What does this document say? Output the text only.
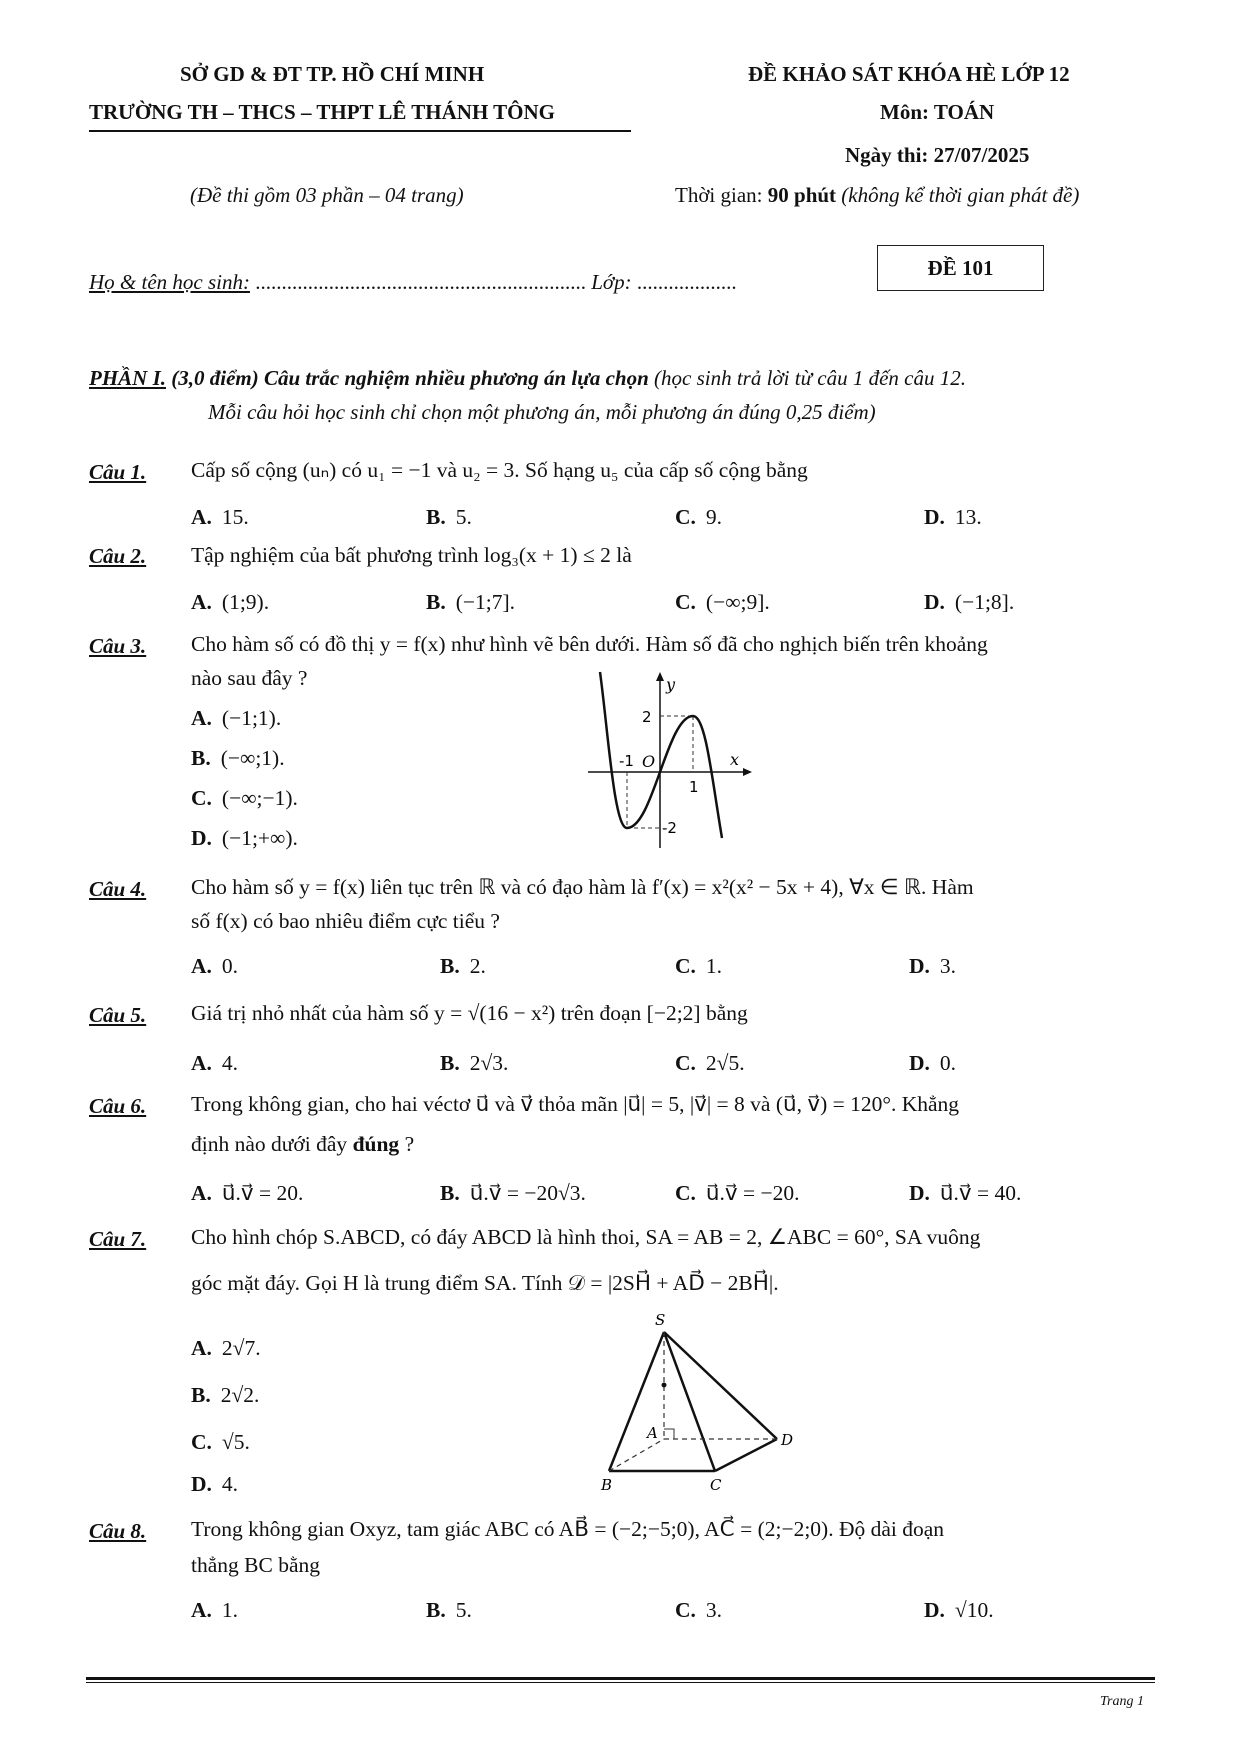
SỞ GD & ĐT TP. HỒ CHÍ MINH
TRƯỜNG TH – THCS – THPT LÊ THÁNH TÔNG
ĐỀ KHẢO SÁT KHÓA HÈ LỚP 12
Môn: TOÁN
Ngày thi: 27/07/2025
(Đề thi gồm 03 phần – 04 trang)	Thời gian: 90 phút (không kể thời gian phát đề)
Họ & tên học sinh: ............................................................... Lớp: ...................
ĐỀ 101
PHẦN I. (3,0 điểm) Câu trắc nghiệm nhiều phương án lựa chọn (học sinh trả lời từ câu 1 đến câu 12.
Mỗi câu hỏi học sinh chỉ chọn một phương án, mỗi phương án đúng 0,25 điểm)
Câu 1. Cấp số cộng (uₙ) có u₁ = −1 và u₂ = 3. Số hạng u₅ của cấp số cộng bằng
A. 15.	B. 5.	C. 9.	D. 13.
Câu 2. Tập nghiệm của bất phương trình log₃(x + 1) ≤ 2 là
A. (1;9).	B. (−1;7].	C. (−∞;9].	D. (−1;8].
Câu 3. Cho hàm số có đồ thị y = f(x) như hình vẽ bên dưới. Hàm số đã cho nghịch biến trên khoảng
nào sau đây ?
A. (−1;1).
B. (−∞;1).
C. (−∞;−1).
D. (−1;+∞).
y
x
O
2
-2
-1
1
Câu 4. Cho hàm số y = f(x) liên tục trên ℝ và có đạo hàm là f′(x) = x²(x² − 5x + 4), ∀x ∈ ℝ. Hàm
số f(x) có bao nhiêu điểm cực tiểu ?
A. 0.	B. 2.	C. 1.	D. 3.
Câu 5. Giá trị nhỏ nhất của hàm số y = √(16 − x²) trên đoạn [−2;2] bằng
A. 4.	B. 2√3.	C. 2√5.	D. 0.
Câu 6. Trong không gian, cho hai véctơ u⃗ và v⃗ thỏa mãn |u⃗| = 5, |v⃗| = 8 và (u⃗, v⃗) = 120°. Khẳng
định nào dưới đây đúng ?
A. u⃗.v⃗ = 20.	B. u⃗.v⃗ = −20√3.	C. u⃗.v⃗ = −20.	D. u⃗.v⃗ = 40.
Câu 7. Cho hình chóp S.ABCD, có đáy ABCD là hình thoi, SA = AB = 2, ∠ABC = 60°, SA vuông
góc mặt đáy. Gọi H là trung điểm SA. Tính 𝒟 = |2SH⃗ + AD⃗ − 2BH⃗|.
A. 2√7.
B. 2√2.
C. √5.
D. 4.
S
A
B	C
D
Câu 8. Trong không gian Oxyz, tam giác ABC có AB⃗ = (−2;−5;0), AC⃗ = (2;−2;0). Độ dài đoạn
thẳng BC bằng
A. 1.	B. 5.	C. 3.	D. √10.
Trang 1
